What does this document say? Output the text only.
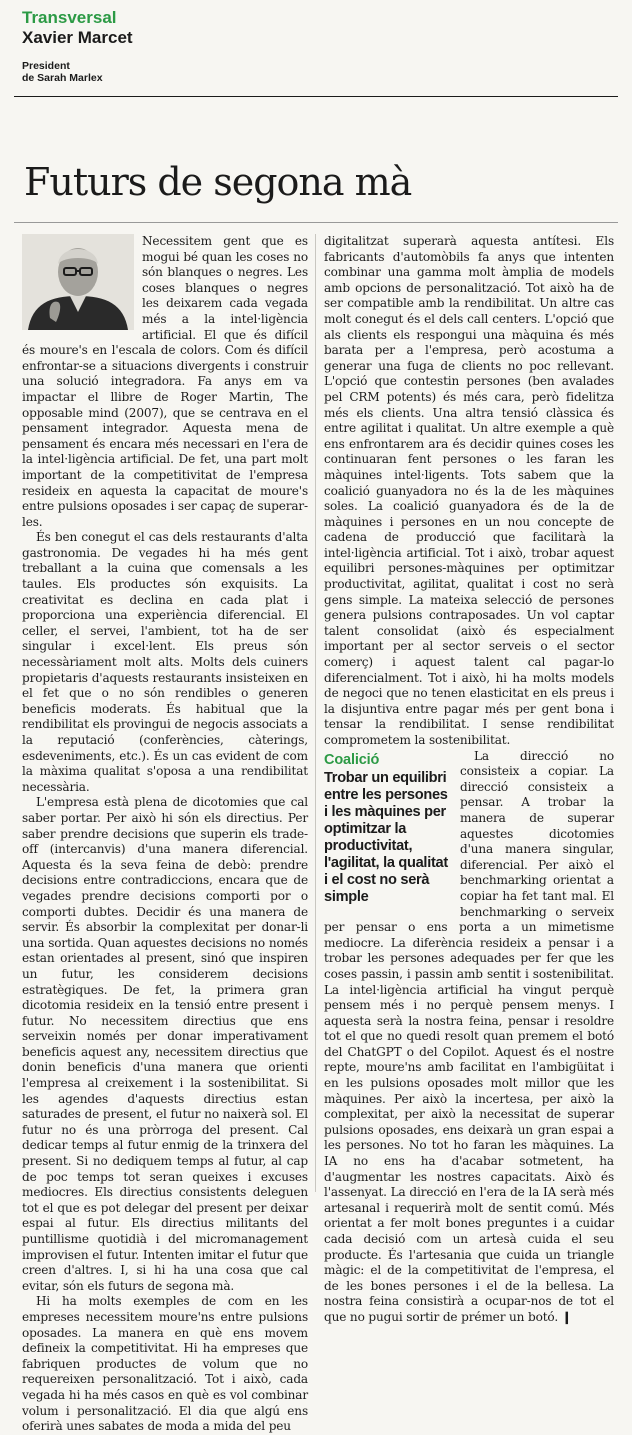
Transversal
Xavier Marcet
President
de Sarah Marlex
Futurs de segona mà

Necessitem gent que es mogui bé quan les coses no són blanques o negres. Les coses blanques o negres les deixarem cada vegada més a la intel·ligència artificial. El que és difícil és moure's en l'escala de colors. Com és difícil enfrontar-se a situacions divergents i construir una solució integradora. Fa anys em va impactar el llibre de Roger Martin, The opposable mind (2007), que se centrava en el pensament integrador. Aquesta mena de pensament és encara més necessari en l'era de la intel·ligència artificial. De fet, una part molt important de la competitivitat de l'empresa resideix en aquesta la capacitat de moure's entre pulsions oposades i ser capaç de superar-les.

És ben conegut el cas dels restaurants d'alta gastronomia. De vegades hi ha més gent treballant a la cuina que comensals a les taules. Els productes són exquisits. La creativitat es declina en cada plat i proporciona una experiència diferencial. El celler, el servei, l'ambient, tot ha de ser singular i excel·lent. Els preus són necessàriament molt alts. Molts dels cuiners propietaris d'aquests restaurants insisteixen en el fet que o no són rendibles o generen beneficis moderats. És habitual que la rendibilitat els provingui de negocis associats a la reputació (conferències, càterings, esdeveniments, etc.). És un cas evident de com la màxima qualitat s'oposa a una rendibilitat necessària.

L'empresa està plena de dicotomies que cal saber portar. Per això hi són els directius. Per saber prendre decisions que superin els trade-off (intercanvis) d'una manera diferencial. Aquesta és la seva feina de debò: prendre decisions entre contradiccions, encara que de vegades prendre decisions comporti por o comporti dubtes. Decidir és una manera de servir. És absorbir la complexitat per donar-li una sortida. Quan aquestes decisions no només estan orientades al present, sinó que inspiren un futur, les considerem decisions estratègiques. De fet, la primera gran dicotomia resideix en la tensió entre present i futur. No necessitem directius que ens serveixin només per donar imperativament beneficis aquest any, necessitem directius que donin beneficis d'una manera que orienti l'empresa al creixement i la sostenibilitat. Si les agendes d'aquests directius estan saturades de present, el futur no naixerà sol. El futur no és una pròrroga del present. Cal dedicar temps al futur enmig de la trinxera del present. Si no dediquem temps al futur, al cap de poc temps tot seran queixes i excuses mediocres. Els directius consistents deleguen tot el que es pot delegar del present per deixar espai al futur. Els directius militants del puntillisme quotidià i del micromanagement improvisen el futur. Intenten imitar el futur que creen d'altres. I, si hi ha una cosa que cal evitar, són els futurs de segona mà.

Hi ha molts exemples de com en les empreses necessitem moure'ns entre pulsions oposades. La manera en què ens movem defineix la competitivitat. Hi ha empreses que fabriquen productes de volum que no requereixen personalització. Tot i això, cada vegada hi ha més casos en què es vol combinar volum i personalització. El dia que algú ens oferirà unes sabates de moda a mida del peu

digitalitzat superarà aquesta antítesi. Els fabricants d'automòbils fa anys que intenten combinar una gamma molt àmplia de models amb opcions de personalització. Tot això ha de ser compatible amb la rendibilitat. Un altre cas molt conegut és el dels call centers. L'opció que als clients els respongui una màquina és més barata per a l'empresa, però acostuma a generar una fuga de clients no poc rellevant. L'opció que contestin persones (ben avalades pel CRM potents) és més cara, però fidelitza més els clients. Una altra tensió clàssica és entre agilitat i qualitat. Un altre exemple a què ens enfrontarem ara és decidir quines coses les continuaran fent persones o les faran les màquines intel·ligents. Tots sabem que la coalició guanyadora no és la de les màquines soles. La coalició guanyadora és de la de màquines i persones en un nou concepte de cadena de producció que facilitarà la intel·ligència artificial. Tot i això, trobar aquest equilibri persones-màquines per optimitzar productivitat, agilitat, qualitat i cost no serà gens simple. La mateixa selecció de persones genera pulsions contraposades. Un vol captar talent consolidat (això és especialment important per al sector serveis o el sector comerç) i aquest talent cal pagar-lo diferencialment. Tot i això, hi ha molts models de negoci que no tenen elasticitat en els preus i la disjuntiva entre pagar més per gent bona i tensar la rendibilitat. I sense rendibilitat comprometem la sostenibilitat.

Coalició
Trobar un equilibri entre les persones i les màquines per optimitzar la productivitat, l'agilitat, la qualitat i el cost no serà simple

La direcció no consisteix a copiar. La direcció consisteix a pensar. A trobar la manera de superar aquestes dicotomies d'una manera singular, diferencial. Per això el benchmarking orientat a copiar ha fet tant mal. El benchmarking o serveix per pensar o ens porta a un mimetisme mediocre. La diferència resideix a pensar i a trobar les persones adequades per fer que les coses passin, i passin amb sentit i sostenibilitat. La intel·ligència artificial ha vingut perquè pensem més i no perquè pensem menys. I aquesta serà la nostra feina, pensar i resoldre tot el que no quedi resolt quan premem el botó del ChatGPT o del Copilot. Aquest és el nostre repte, moure'ns amb facilitat en l'ambigüitat i en les pulsions oposades molt millor que les màquines. Per això la incertesa, per això la complexitat, per això la necessitat de superar pulsions oposades, ens deixarà un gran espai a les persones. No tot ho faran les màquines. La IA no ens ha d'acabar sotmetent, ha d'augmentar les nostres capacitats. Això és l'assenyat. La direcció en l'era de la IA serà més artesanal i requerirà molt de sentit comú. Més orientat a fer molt bones preguntes i a cuidar cada decisió com un artesà cuida el seu producte. És l'artesania que cuida un triangle màgic: el de la competitivitat de l'empresa, el de les bones persones i el de la bellesa. La nostra feina consistirà a ocupar-nos de tot el que no pugui sortir de prémer un botó. ❙
